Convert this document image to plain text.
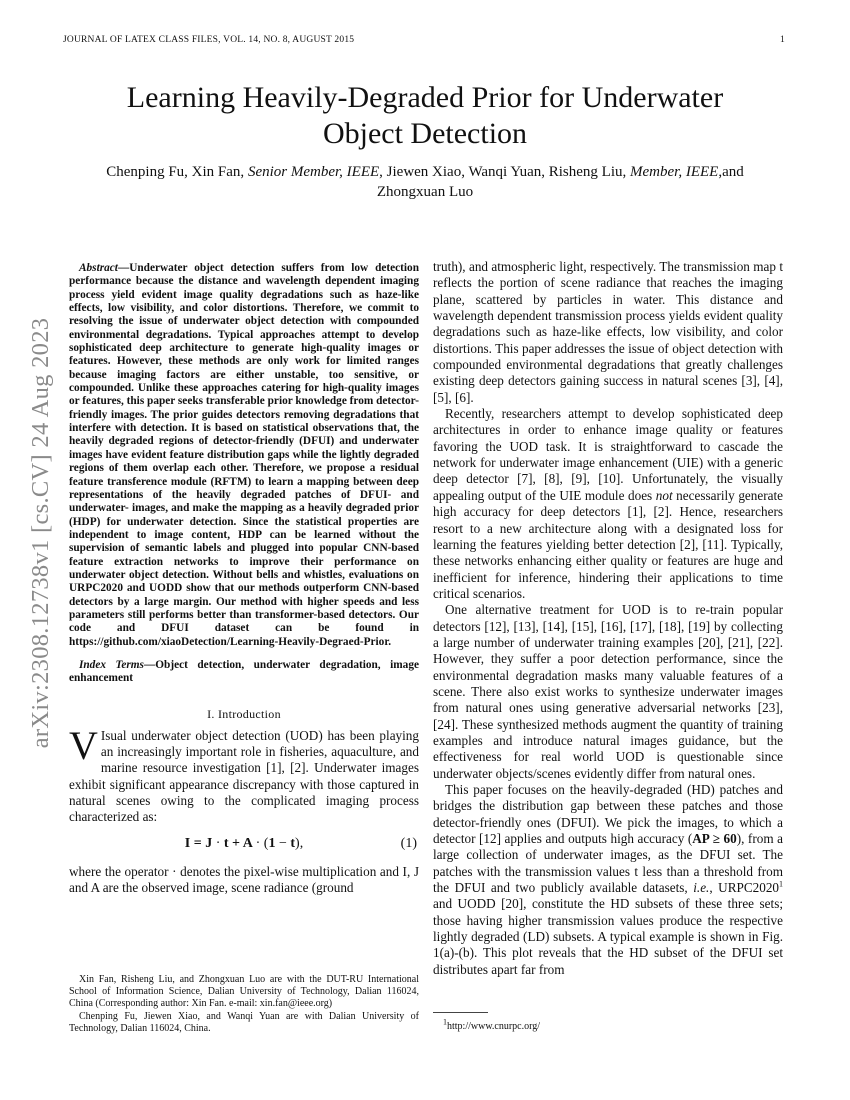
JOURNAL OF LATEX CLASS FILES, VOL. 14, NO. 8, AUGUST 2015	1
Learning Heavily-Degraded Prior for Underwater
Object Detection
Chenping Fu, Xin Fan, Senior Member, IEEE, Jiewen Xiao, Wanqi Yuan, Risheng Liu, Member, IEEE,and
Zhongxuan Luo
arXiv:2308.12738v1 [cs.CV] 24 Aug 2023

Abstract—Underwater object detection suffers from low detection performance because the distance and wavelength dependent imaging process yield evident image quality degradations such as haze-like effects, low visibility, and color distortions. Therefore, we commit to resolving the issue of underwater object detection with compounded environmental degradations. Typical approaches attempt to develop sophisticated deep architecture to generate high-quality images or features. However, these methods are only work for limited ranges because imaging factors are either unstable, too sensitive, or compounded. Unlike these approaches catering for high-quality images or features, this paper seeks transferable prior knowledge from detector-friendly images. The prior guides detectors removing degradations that interfere with detection. It is based on statistical observations that, the heavily degraded regions of detector-friendly (DFUI) and underwater images have evident feature distribution gaps while the lightly degraded regions of them overlap each other. Therefore, we propose a residual feature transference module (RFTM) to learn a mapping between deep representations of the heavily degraded patches of DFUI- and underwater- images, and make the mapping as a heavily degraded prior (HDP) for underwater detection. Since the statistical properties are independent to image content, HDP can be learned without the supervision of semantic labels and plugged into popular CNN-based feature extraction networks to improve their performance on underwater object detection. Without bells and whistles, evaluations on URPC2020 and UODD show that our methods outperform CNN-based detectors by a large margin. Our method with higher speeds and less parameters still performs better than transformer-based detectors. Our code and DFUI dataset can be found in https://github.com/xiaoDetection/Learning-Heavily-Degraed-Prior.

Index Terms—Object detection, underwater degradation, image enhancement

I. Introduction

V Isual underwater object detection (UOD) has been playing an increasingly important role in fisheries, aquaculture, and marine resource investigation [1], [2]. Underwater images exhibit significant appearance discrepancy with those captured in natural scenes owing to the complicated imaging process characterized as:

I = J · t + A · (1 − t),	(1)

where the operator · denotes the pixel-wise multiplication and I, J and A are the observed image, scene radiance (ground

truth), and atmospheric light, respectively. The transmission map t reflects the portion of scene radiance that reaches the imaging plane, scattered by particles in water. This distance and wavelength dependent transmission process yields evident quality degradations such as haze-like effects, low visibility, and color distortions. This paper addresses the issue of object detection with compounded environmental degradations that greatly challenges existing deep detectors gaining success in natural scenes [3], [4], [5], [6].

Recently, researchers attempt to develop sophisticated deep architectures in order to enhance image quality or features favoring the UOD task. It is straightforward to cascade the network for underwater image enhancement (UIE) with a generic deep detector [7], [8], [9], [10]. Unfortunately, the visually appealing output of the UIE module does not necessarily generate high accuracy for deep detectors [1], [2]. Hence, researchers resort to a new architecture along with a designated loss for learning the features yielding better detection [2], [11]. Typically, these networks enhancing either quality or features are huge and inefficient for inference, hindering their applications to time critical scenarios.

One alternative treatment for UOD is to re-train popular detectors [12], [13], [14], [15], [16], [17], [18], [19] by collecting a large number of underwater training examples [20], [21], [22]. However, they suffer a poor detection performance, since the environmental degradation masks many valuable features of a scene. There also exist works to synthesize underwater images from natural ones using generative adversarial networks [23], [24]. These synthesized methods augment the quantity of training examples and introduce natural images guidance, but the effectiveness for real world UOD is questionable since underwater objects/scenes evidently differ from natural ones.

This paper focuses on the heavily-degraded (HD) patches and bridges the distribution gap between these patches and those detector-friendly ones (DFUI). We pick the images, to which a detector [12] applies and outputs high accuracy (AP ≥ 60), from a large collection of underwater images, as the DFUI set. The patches with the transmission values t less than a threshold from the DFUI and two publicly available datasets, i.e., URPC2020$^1$ and UODD [20], constitute the HD subsets of these three sets; those having higher transmission values produce the respective lightly degraded (LD) subsets. A typical example is shown in Fig. 1(a)-(b). This plot reveals that the HD subset of the DFUI set distributes apart far from

Xin Fan, Risheng Liu, and Zhongxuan Luo are with the DUT-RU International School of Information Science, Dalian University of Technology, Dalian 116024, China (Corresponding author: Xin Fan. e-mail: xin.fan@ieee.org)

Chenping Fu, Jiewen Xiao, and Wanqi Yuan are with Dalian University of Technology, Dalian 116024, China.

$^1$http://www.cnurpc.org/
